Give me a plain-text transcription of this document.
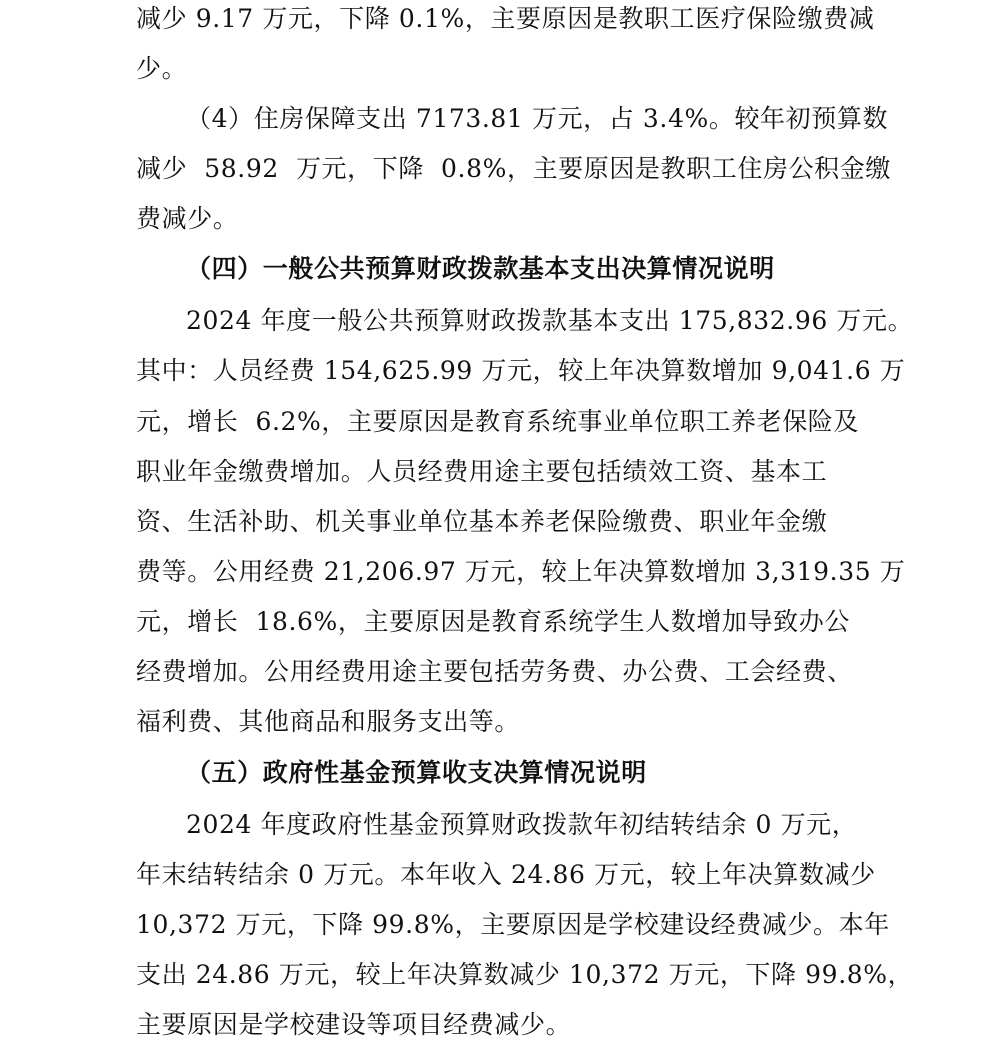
减少 9.17 万元，下降 0.1%，主要原因是教职工医疗保险缴费减
少。
（4）住房保障支出 7173.81 万元，占 3.4%。较年初预算数
减少  58.92  万元，下降  0.8%，主要原因是教职工住房公积金缴
费减少。
（四）一般公共预算财政拨款基本支出决算情况说明
2024 年度一般公共预算财政拨款基本支出 175,832.96 万元。
其中：人员经费 154,625.99 万元，较上年决算数增加 9,041.6 万
元，增长  6.2%，主要原因是教育系统事业单位职工养老保险及
职业年金缴费增加。人员经费用途主要包括绩效工资、基本工
资、生活补助、机关事业单位基本养老保险缴费、职业年金缴
费等。公用经费 21,206.97 万元，较上年决算数增加 3,319.35 万
元，增长  18.6%，主要原因是教育系统学生人数增加导致办公
经费增加。公用经费用途主要包括劳务费、办公费、工会经费、
福利费、其他商品和服务支出等。
（五）政府性基金预算收支决算情况说明
2024 年度政府性基金预算财政拨款年初结转结余 0 万元，
年末结转结余 0 万元。本年收入 24.86 万元，较上年决算数减少
10,372 万元，下降 99.8%，主要原因是学校建设经费减少。本年
支出 24.86 万元，较上年决算数减少 10,372 万元，下降 99.8%，
主要原因是学校建设等项目经费减少。
